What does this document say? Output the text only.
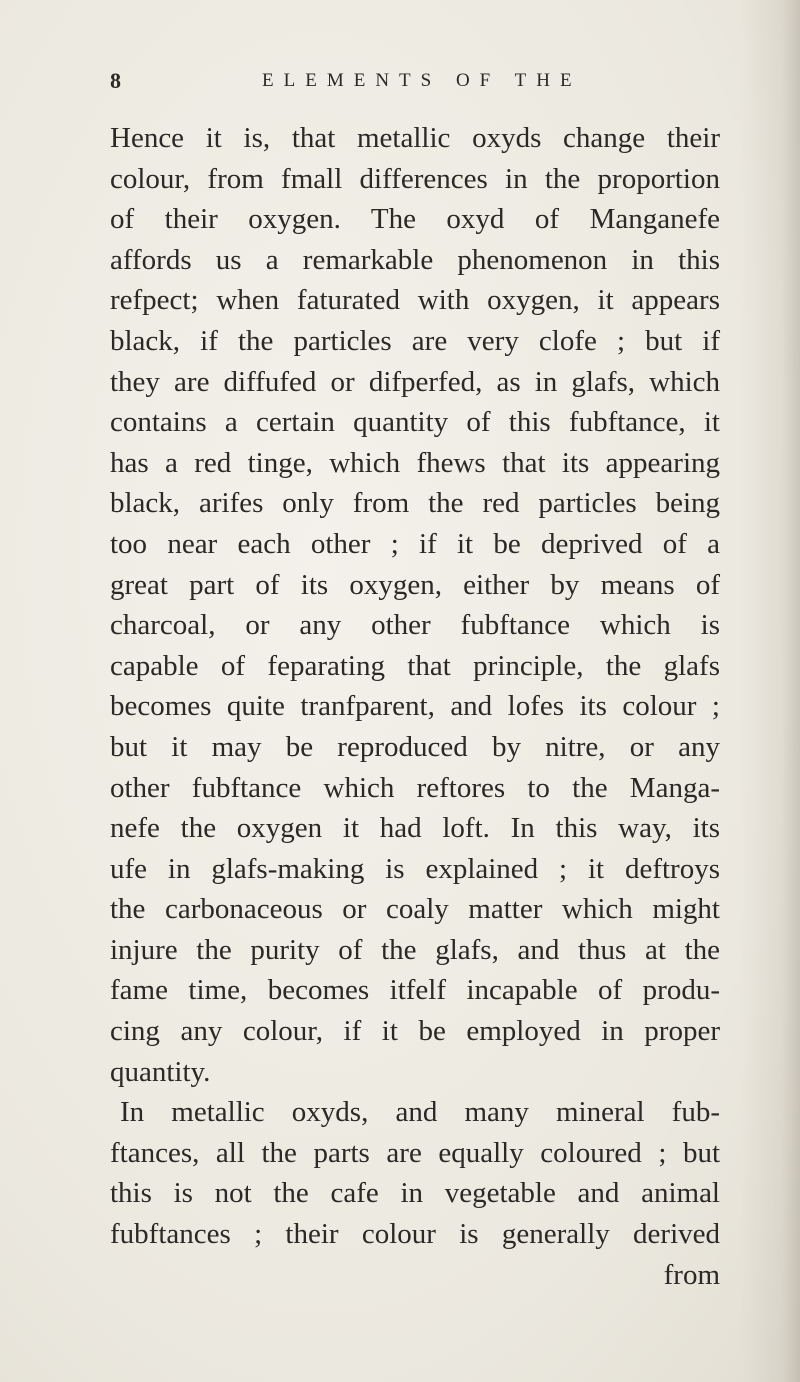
8	ELEMENTS OF THE
Hence it is, that metallic oxyds change their
colour, from fmall differences in the proportion
of their oxygen. The oxyd of Manganefe
affords us a remarkable phenomenon in this
refpect; when faturated with oxygen, it appears
black, if the particles are very clofe ; but if
they are diffufed or difperfed, as in glafs, which
contains a certain quantity of this fubftance, it
has a red tinge, which fhews that its appearing
black, arifes only from the red particles being
too near each other ; if it be deprived of a
great part of its oxygen, either by means of
charcoal, or any other fubftance which is
capable of feparating that principle, the glafs
becomes quite tranfparent, and lofes its colour ;
but it may be reproduced by nitre, or any
other fubftance which reftores to the Manga-
nefe the oxygen it had loft. In this way, its
ufe in glafs-making is explained ; it deftroys
the carbonaceous or coaly matter which might
injure the purity of the glafs, and thus at the
fame time, becomes itfelf incapable of produ-
cing any colour, if it be employed in proper
quantity.
In metallic oxyds, and many mineral fub-
ftances, all the parts are equally coloured ; but
this is not the cafe in vegetable and animal
fubftances ; their colour is generally derived
from
